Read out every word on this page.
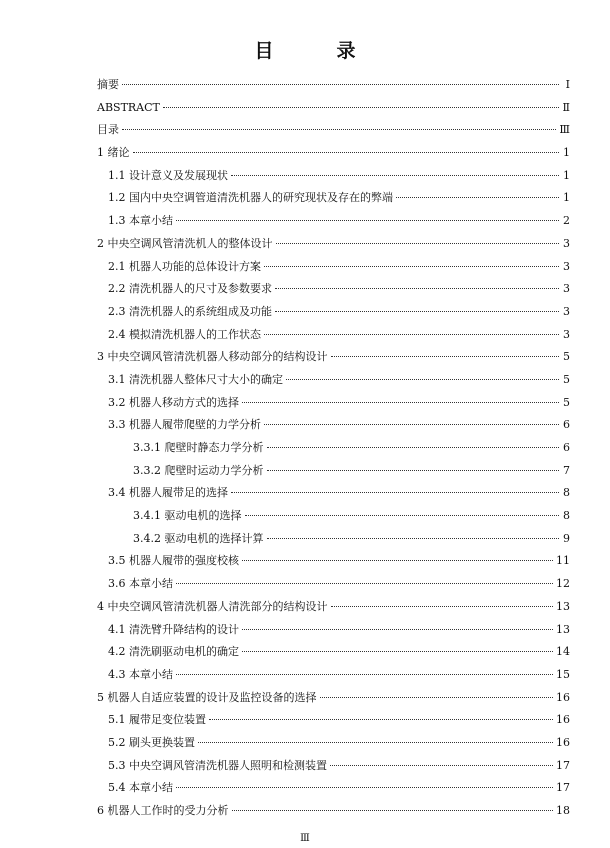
目　录
摘要	Ⅰ
ABSTRACT	Ⅱ
目录	Ⅲ
1 绪论	1
1.1 设计意义及发展现状	1
1.2 国内中央空调管道清洗机器人的研究现状及存在的弊端	1
1.3 本章小结	2
2 中央空调风管清洗机人的整体设计	3
2.1 机器人功能的总体设计方案	3
2.2 清洗机器人的尺寸及参数要求	3
2.3 清洗机器人的系统组成及功能	3
2.4 模拟清洗机器人的工作状态	3
3 中央空调风管清洗机器人移动部分的结构设计	5
3.1 清洗机器人整体尺寸大小的确定	5
3.2 机器人移动方式的选择	5
3.3 机器人履带爬壁的力学分析	6
3.3.1 爬壁时静态力学分析	6
3.3.2 爬壁时运动力学分析	7
3.4 机器人履带足的选择	8
3.4.1 驱动电机的选择	8
3.4.2 驱动电机的选择计算	9
3.5 机器人履带的强度校核	11
3.6 本章小结	12
4 中央空调风管清洗机器人清洗部分的结构设计	13
4.1 清洗臂升降结构的设计	13
4.2 清洗刷驱动电机的确定	14
4.3 本章小结	15
5 机器人自适应装置的设计及监控设备的选择	16
5.1 履带足变位装置	16
5.2 刷头更换装置	16
5.3 中央空调风管清洗机器人照明和检测装置	17
5.4 本章小结	17
6 机器人工作时的受力分析	18
Ⅲ
